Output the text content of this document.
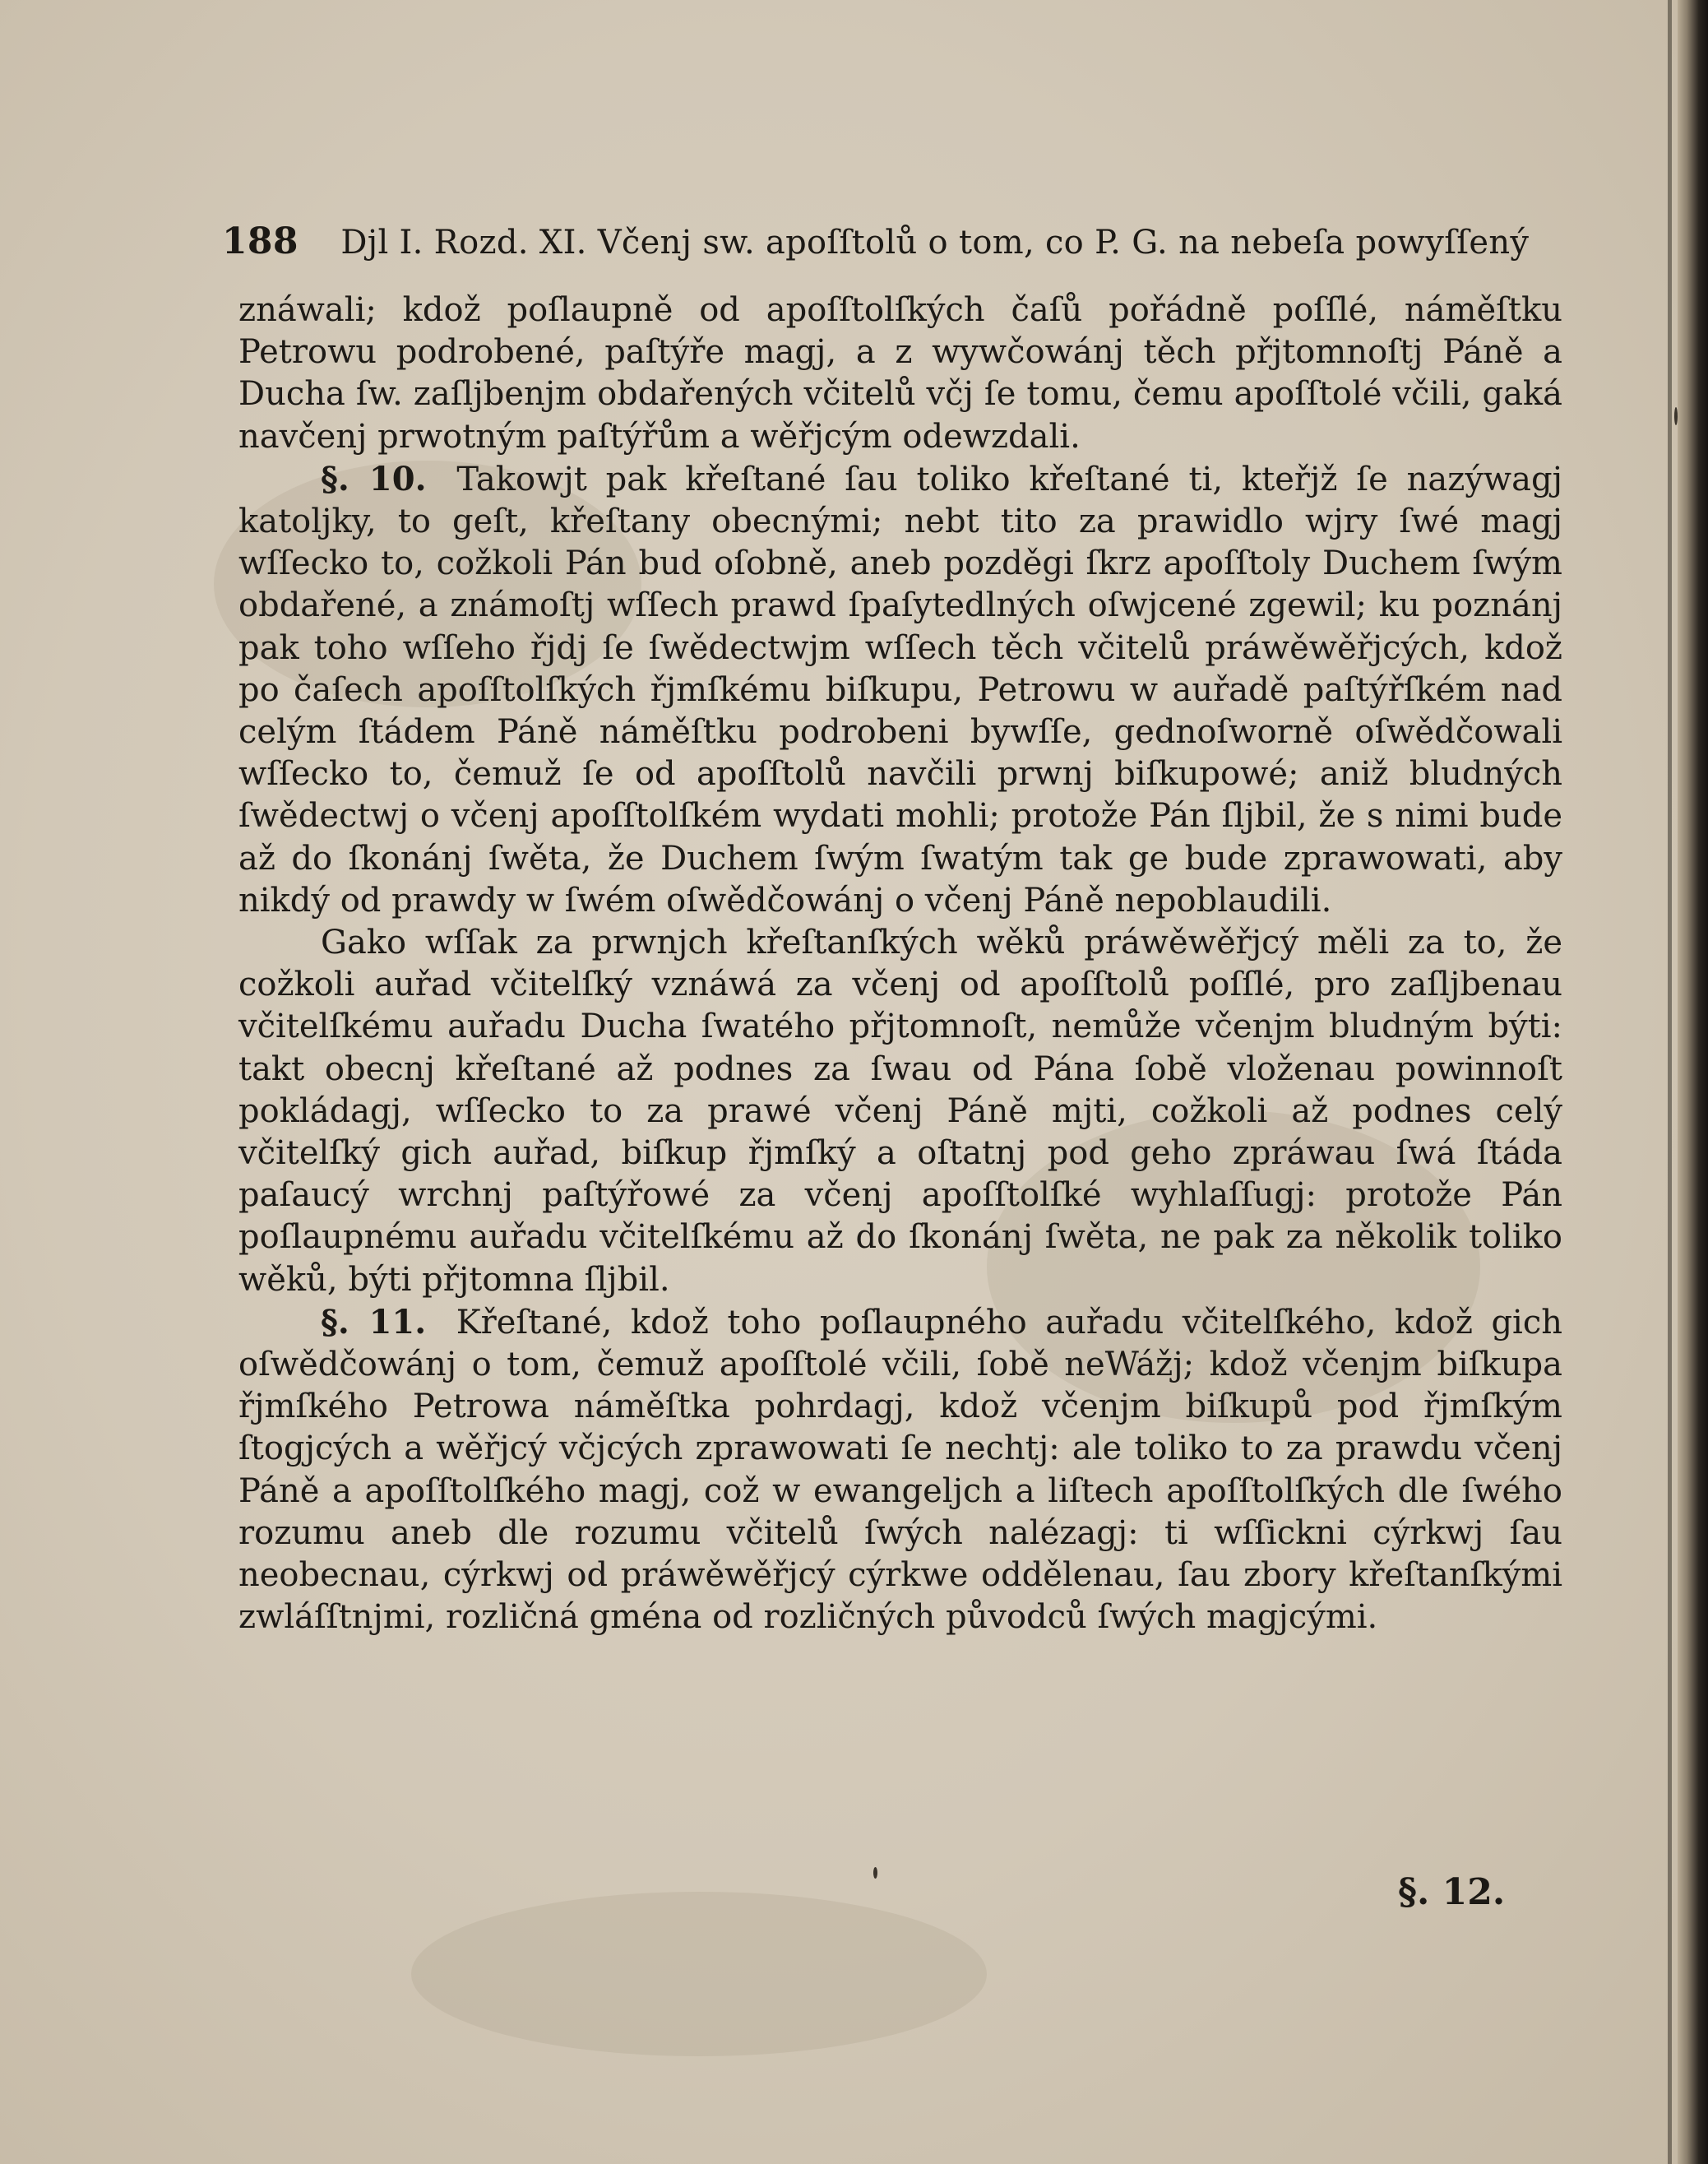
188 Djl I. Rozd. XI. Včenj sw. apoſſtolů o tom, co P. G. na nebeſa powyſſený

znáwali; kdož poſlaupně od apoſſtolſkých čaſů pořádně poſſlé, náměſtku Petrowu podrobené, paſtýře magj, a z wywčowánj těch přjtomnoſtj Páně a Ducha ſw. zaſljbenjm obdařených včitelů včj ſe tomu, čemu apoſſtolé včili, gaká navčenj prwotným paſtýřům a wěřjcým odewzdali.

§. 10. Takowjt pak křeſtané ſau toliko křeſtané ti, kteřjž ſe nazýwagj katoljky, to geſt, křeſtany obecnými; nebt tito za prawidlo wjry ſwé magj wſſecko to, cožkoli Pán bud oſobně, aneb pozděgi ſkrz apoſſtoly Duchem ſwým obdařené, a známoſtj wſſech prawd ſpaſytedlných oſwjcené zgewil; ku poznánj pak toho wſſeho řjdj ſe ſwědectwjm wſſech těch včitelů práwěwěřjcých, kdož po čaſech apoſſtolſkých řjmſkému biſkupu, Petrowu w auřadě paſtýřſkém nad celým ſtádem Páně náměſtku podrobeni bywſſe, gednoſworně oſwědčowali wſſecko to, čemuž ſe od apoſſtolů navčili prwnj biſkupowé; aniž bludných ſwědectwj o včenj apoſſtolſkém wydati mohli; protože Pán ſljbil, že s nimi bude až do ſkonánj ſwěta, že Duchem ſwým ſwatým tak ge bude zprawowati, aby nikdý od prawdy w ſwém oſwědčowánj o včenj Páně nepoblaudili.

Gako wſſak za prwnjch křeſtanſkých wěků práwěwěřjcý měli za to, že cožkoli auřad včitelſký vznáwá za včenj od apoſſtolů poſſlé, pro zaſljbenau včitelſkému auřadu Ducha ſwatého přjtomnoſt, nemůže včenjm bludným býti: takt obecnj křeſtané až podnes za ſwau od Pána ſobě vloženau powinnoſt pokládagj, wſſecko to za prawé včenj Páně mjti, cožkoli až podnes celý včitelſký gich auřad, biſkup řjmſký a oſtatnj pod geho zpráwau ſwá ſtáda paſaucý wrchnj paſtýřowé za včenj apoſſtolſké wyhlaſſugj: protože Pán poſlaupnému auřadu včitelſkému až do ſkonánj ſwěta, ne pak za několik toliko wěků, býti přjtomna ſljbil.

§. 11. Křeſtané, kdož toho poſlaupného auřadu včitelſkého, kdož gich oſwědčowánj o tom, čemuž apoſſtolé včili, ſobě neWážj; kdož včenjm biſkupa řjmſkého Petrowa náměſtka pohrdagj, kdož včenjm biſkupů pod řjmſkým ſtogjcých a wěřjcý včjcých zprawowati ſe nechtj: ale toliko to za prawdu včenj Páně a apoſſtolſkého magj, což w ewangeljch a liſtech apoſſtolſkých dle ſwého rozumu aneb dle rozumu včitelů ſwých nalézagj: ti wſſickni cýrkwj ſau neobecnau, cýrkwj od práwěwěřjcý cýrkwe oddělenau, ſau zbory křeſtanſkými zwláſſtnjmi, rozličná gména od rozličných původců ſwých magjcými.

§. 12.
